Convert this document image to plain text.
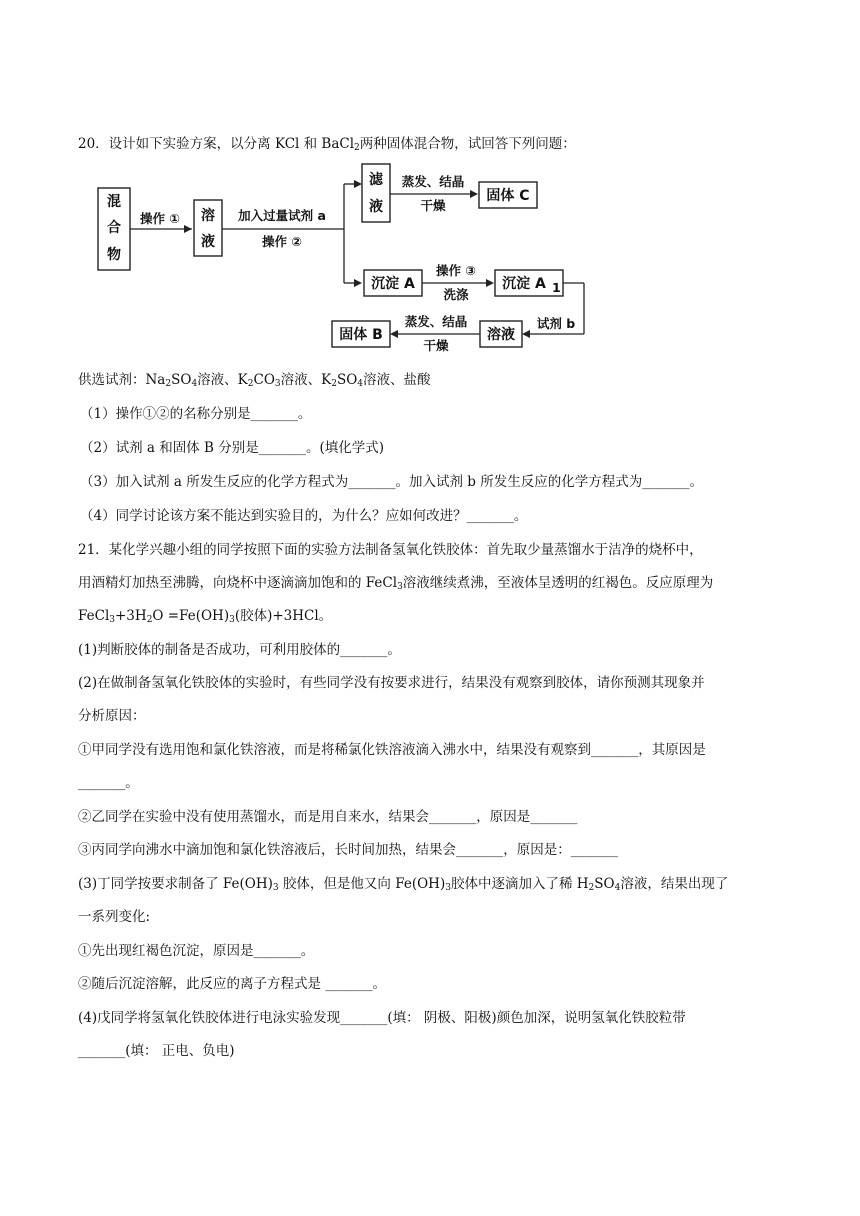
20．设计如下实验方案，以分离 KCl 和 BaCl$_2$两种固体混合物，试回答下列问题：
混
合
物
操作 ① 溶
液
加入过量试剂 a
操作 ②
滤
液
蒸发、结晶
干燥
固体 C
沉淀 A
操作 ③
洗涤
沉淀 A 1
试剂 b
溶液
蒸发、结晶
干燥
固体 B
供选试剂：$Na_2SO_4$溶液、$K_2CO_3$溶液、$K_2SO_4$溶液、盐酸
（1）操作①②的名称分别是_______。
（2）试剂 a 和固体 B 分别是_______。(填化学式)
（3）加入试剂 a 所发生反应的化学方程式为_______。加入试剂 b 所发生反应的化学方程式为_______。
（4）同学讨论该方案不能达到实验目的，为什么？应如何改进？_______。
21．某化学兴趣小组的同学按照下面的实验方法制备氢氧化铁胶体：首先取少量蒸馏水于洁净的烧杯中，
用酒精灯加热至沸腾，向烧杯中逐滴滴加饱和的 FeCl$_3$溶液继续煮沸，至液体呈透明的红褐色。反应原理为
$FeCl_3+3H_2O =Fe(OH)_3$(胶体)+3HCl。
(1)判断胶体的制备是否成功，可利用胶体的_______。
(2)在做制备氢氧化铁胶体的实验时，有些同学没有按要求进行，结果没有观察到胶体，请你预测其现象并
分析原因：
①甲同学没有选用饱和氯化铁溶液，而是将稀氯化铁溶液滴入沸水中，结果没有观察到_______，其原因是
_______。
②乙同学在实验中没有使用蒸馏水，而是用自来水，结果会_______，原因是_______
③丙同学向沸水中滴加饱和氯化铁溶液后，长时间加热，结果会_______，原因是：_______
(3)丁同学按要求制备了 $Fe(OH)_3$ 胶体，但是他又向 $Fe(OH)_3$胶体中逐滴加入了稀 $H_2SO_4$溶液，结果出现了
一系列变化:
①先出现红褐色沉淀，原因是_______。
②随后沉淀溶解，此反应的离子方程式是 _______。
(4)戊同学将氢氧化铁胶体进行电泳实验发现_______(填： 阴极、阳极)颜色加深，说明氢氧化铁胶粒带
_______(填： 正电、负电)
